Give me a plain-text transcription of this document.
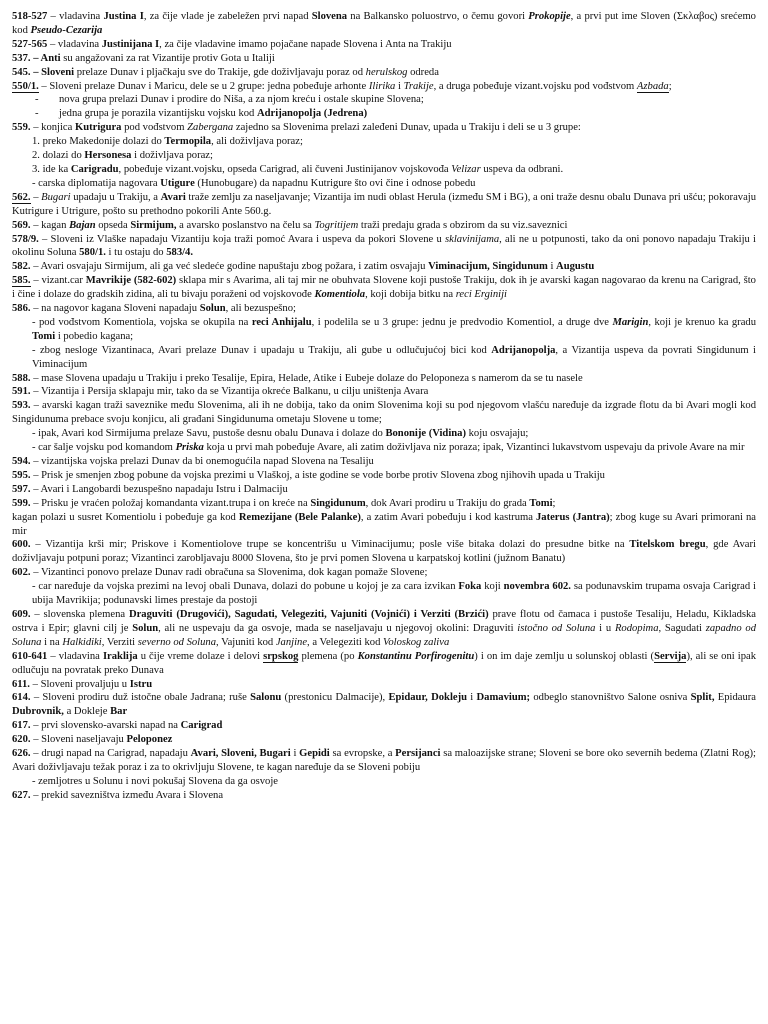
518-527 – vladavina Justina I, za čije vlade je zabeležen prvi napad Slovena na Balkansko poluostrvo, o čemu govori Prokopije, a prvi put ime Sloven (Σκλαβος) srećemo kod Pseudo-Cezarija
527-565 – vladavina Justinijana I, za čije vladavine imamo pojačane napade Slovena i Anta na Trakiju
537. – Anti su angažovani za rat Vizantije protiv Gota u Italiji
545. – Sloveni prelaze Dunav i pljačkaju sve do Trakije, gde doživljavaju poraz od herulskog odreda
550/1. – Sloveni prelaze Dunav i Maricu, dele se u 2 grupe: jedna pobeđuje arhonte Ilirika i Trakije, a druga pobeđuje vizant.vojsku pod vođstvom Azbada;
- nova grupa prelazi Dunav i prodire do Niša, a za njom kreću i ostale skupine Slovena;
- jedna grupa je porazila vizantijsku vojsku kod Adrijanopolja (Jedrena)
559. – konjica Kutrigura pod vođstvom Zabergana zajedno sa Slovenima prelazi zaleđeni Dunav, upada u Trakiju i deli se u 3 grupe:
1. preko Makedonije dolazi do Termopila, ali doživljava poraz;
2. dolazi do Hersonesa i doživljava poraz;
3. ide ka Carigradu, pobeđuje vizant.vojsku, opseda Carigrad, ali čuveni Justinijanov vojskovođa Velizar uspeva da odbrani.
- carska diplomatija nagovara Utigure (Hunobugare) da napadnu Kutrigure što ovi čine i odnose pobedu
562. – Bugari upadaju u Trakiju, a Avari traže zemlju za naseljavanje; Vizantija im nudi oblast Herula (između SM i BG), a oni traže desnu obalu Dunava pri ušću; pokoravaju Kutrigure i Utrigure, pošto su prethodno pokorili Ante 560.g.
569. – kagan Bajan opseda Sirmijum, a avarsko poslanstvo na čelu sa Togritijem traži predaju grada s obzirom da su viz.saveznici
578/9. – Sloveni iz Vlaške napadaju Vizantiju koja traži pomoć Avara i uspeva da pokori Slovene u sklavinijama, ali ne u potpunosti, tako da oni ponovo napadaju Trakiju i okolinu Soluna 580/1. i tu ostaju do 583/4.
582. – Avari osvajaju Sirmijum, ali ga već sledeće godine napuštaju zbog požara, i zatim osvajaju Viminacijum, Singidunum i Augustu
585. – vizant.car Mavrikije (582-602) sklapa mir s Avarima, ali taj mir ne obuhvata Slovene koji pustoše Trakiju, dok ih je avarski kagan nagovarao da krenu na Carigrad, što i čine i dolaze do gradskih zidina, ali tu bivaju poraženi od vojskovođe Komentiola, koji dobija bitku na reci Erginiji
586. – na nagovor kagana Sloveni napadaju Solun, ali bezuspešno;
- pod vođstvom Komentiola, vojska se okupila na reci Anhijalu, i podelila se u 3 grupe: jednu je predvodio Komentiol, a druge dve Marigin, koji je krenuo ka gradu Tomi i pobedio kagana;
- zbog nesloge Vizantinaca, Avari prelaze Dunav i upadaju u Trakiju, ali gube u odlučujućoj bici kod Adrijanopolja, a Vizantija uspeva da povrati Singidunum i Viminacijum
588. – mase Slovena upadaju u Trakiju i preko Tesalije, Epira, Helade, Atike i Eubeje dolaze do Peloponeza s namerom da se tu nasele
591. – Vizantija i Persija sklapaju mir, tako da se Vizantija okreće Balkanu, u cilju uništenja Avara
593. – avarski kagan traži saveznike među Slovenima, ali ih ne dobija, tako da onim Slovenima koji su pod njegovom vlašću naređuje da izgrade flotu da bi Avari mogli kod Singidunuma prebace svoju konjicu, ali građani Singidunuma ometaju Slovene u tome;
- ipak, Avari kod Sirmijuma prelaze Savu, pustoše desnu obalu Dunava i dolaze do Bononije (Vidina) koju osvajaju;
- car šalje vojsku pod komandom Priska koja u prvi mah pobeđuje Avare, ali zatim doživljava niz poraza; ipak, Vizantinci lukavstvom uspevaju da privole Avare na mir
594. – vizantijska vojska prelazi Dunav da bi onemogućila napad Slovena na Tesaliju
595. – Prisk je smenjen zbog pobune da vojska prezimi u Vlaškoj, a iste godine se vode borbe protiv Slovena zbog njihovih upada u Trakiju
597. – Avari i Langobardi bezuspešno napadaju Istru i Dalmaciju
599. – Prisku je vraćen položaj komandanta vizant.trupa i on kreće na Singidunum, dok Avari prodiru u Trakiju do grada Tomi;
kagan polazi u susret Komentiolu i pobeđuje ga kod Remezijane (Bele Palanke), a zatim Avari pobeđuju i kod kastruma Jaterus (Jantra); zbog kuge su Avari primorani na mir
600. – Vizantija krši mir; Priskove i Komentiolove trupe se koncentrišu u Viminacijumu; posle više bitaka dolazi do presudne bitke na Titelskom bregu, gde Avari doživljavaju potpuni poraz; Vizantinci zarobljavaju 8000 Slovena, što je prvi pomen Slovena u karpatskoj kotlini (južnom Banatu)
602. – Vizantinci ponovo prelaze Dunav radi obračuna sa Slovenima, dok kagan pomaže Slovene;
- car naređuje da vojska prezimi na levoj obali Dunava, dolazi do pobune u kojoj je za cara izvikan Foka koji novembra 602. sa podunavskim trupama osvaja Carigrad i ubija Mavrikija; podunavski limes prestaje da postoji
609. – slovenska plemena Draguviti (Drugovići), Sagudati, Velegeziti, Vajuniti (Vojnići) i Verziti (Brzići) prave flotu od čamaca i pustoše Tesaliju, Heladu, Kikladska ostrva i Epir; glavni cilj je Solun, ali ne uspevaju da ga osvoje, mada se naseljavaju u njegovoj okolini: Draguviti istočno od Soluna i u Rodopima, Sagudati zapadno od Soluna i na Halkidiki, Verziti severno od Soluna, Vajuniti kod Janjine, a Velegeziti kod Voloskog zaliva
610-641 – vladavina Iraklija u čije vreme dolaze i delovi srpskog plemena (po Konstantinu Porfirogenitu) i on im daje zemlju u solunskoj oblasti (Servija), ali se oni ipak odlučuju na povratak preko Dunava
611. – Sloveni provaljuju u Istru
614. – Sloveni prodiru duž istočne obale Jadrana; ruše Salonu (prestonicu Dalmacije), Epidaur, Dokleju i Damavium; odbeglo stanovništvo Salone osniva Split, Epidaura Dubrovnik, a Dokleje Bar
617. – prvi slovensko-avarski napad na Carigrad
620. – Sloveni naseljavaju Peloponez
626. – drugi napad na Carigrad, napadaju Avari, Sloveni, Bugari i Gepidi sa evropske, a Persijanci sa maloazijske strane; Sloveni se bore oko severnih bedema (Zlatni Rog); Avari doživljavaju težak poraz i za to okrivljuju Slovene, te kagan naređuje da se Sloveni pobiju
- zemljotres u Solunu i novi pokušaj Slovena da ga osvoje
627. – prekid savezništva između Avara i Slovena
